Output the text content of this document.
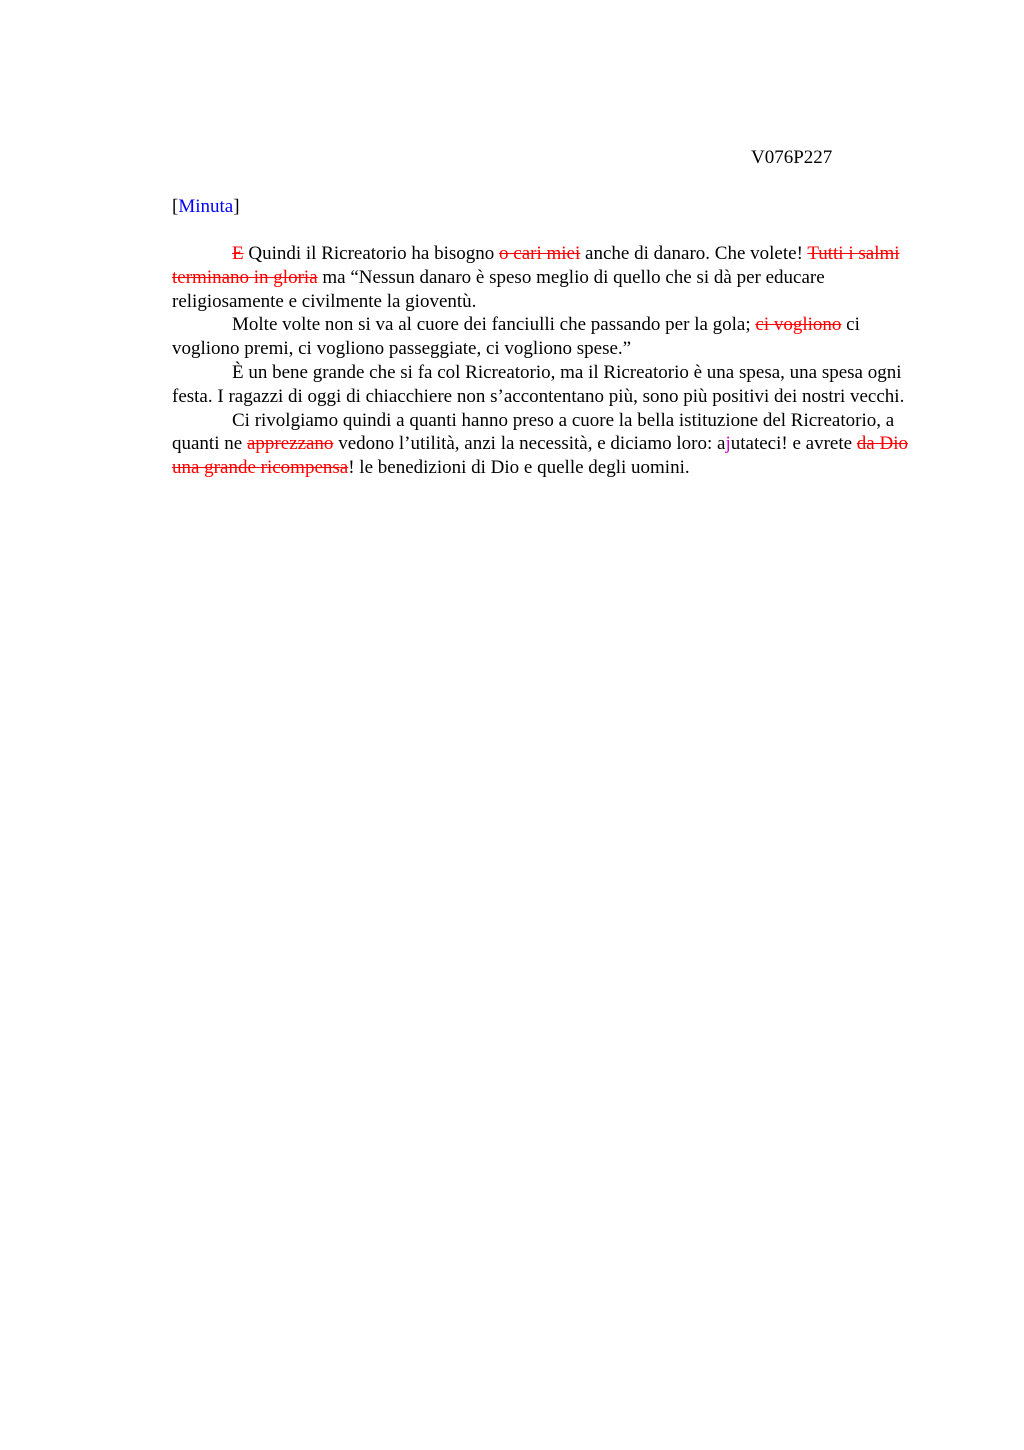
V076P227
[Minuta]

E Quindi il Ricreatorio ha bisogno o cari miei anche di danaro. Che volete! Tutti i salmi terminano in gloria ma “Nessun danaro è speso meglio di quello che si dà per educare religiosamente e civilmente la gioventù.

Molte volte non si va al cuore dei fanciulli che passando per la gola; ci vogliono ci vogliono premi, ci vogliono passeggiate, ci vogliono spese.”

È un bene grande che si fa col Ricreatorio, ma il Ricreatorio è una spesa, una spesa ogni festa. I ragazzi di oggi di chiacchiere non s’accontentano più, sono più positivi dei nostri vecchi.

Ci rivolgiamo quindi a quanti hanno preso a cuore la bella istituzione del Ricreatorio, a quanti ne apprezzano vedono l’utilità, anzi la necessità, e diciamo loro: ajutateci! e avrete da Dio una grande ricompensa! le benedizioni di Dio e quelle degli uomini.
